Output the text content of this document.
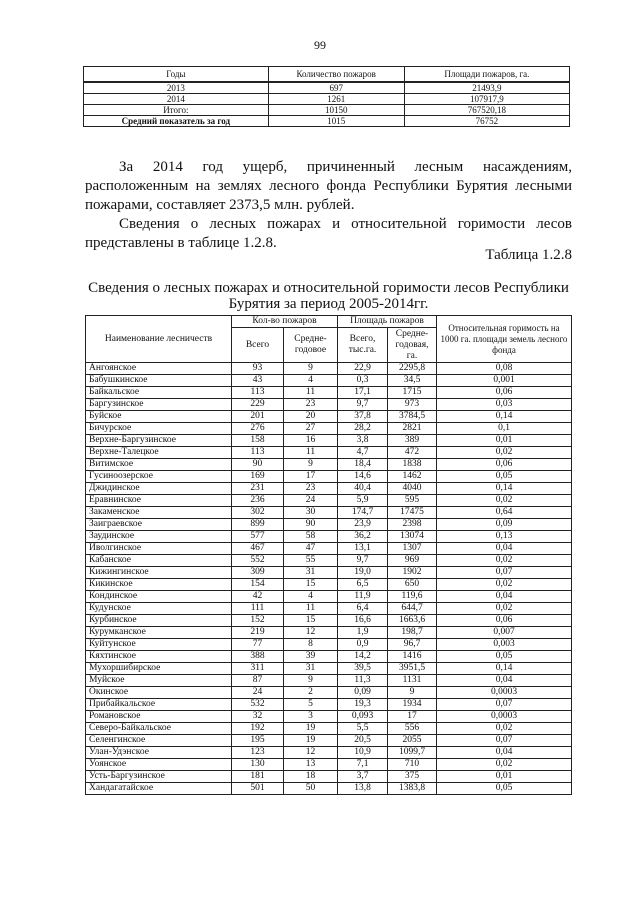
99
Годы	Количество пожаров	Площади пожаров, га.
2013	697	21493,9
2014	1261	107917,9
Итого:	10150	767520,18
Средний показатель за год	1015	76752
За 2014 год ущерб, причиненный лесным насаждениям, расположенным на землях лесного фонда Республики Бурятия лесными пожарами, составляет 2373,5 млн. рублей.
Сведения о лесных пожарах и относительной горимости лесов представлены в таблице 1.2.8.
Таблица 1.2.8
Сведения о лесных пожарах и относительной горимости лесов Республики Бурятия за период 2005-2014гг.
Наименование лесничеств	Кол-во пожаров		Площадь пожаров		Относительная горимость на 1000 га. площади земель лесного фонда
	Всего	Средне-годовое	Всего, тыс.га.	Средне-годовая, га.	
Ангоянское	93	9	22,9	2295,8	0,08
Бабушкинское	43	4	0,3	34,5	0,001
Байкальское	113	11	17,1	1715	0,06
Баргузинское	229	23	9,7	973	0,03
Буйское	201	20	37,8	3784,5	0,14
Бичурское	276	27	28,2	2821	0,1
Верхне-Баргузинское	158	16	3,8	389	0,01
Верхне-Талецкое	113	11	4,7	472	0,02
Витимское	90	9	18,4	1838	0,06
Гусиноозерское	169	17	14,6	1462	0,05
Джидинское	231	23	40,4	4040	0,14
Еравнинское	236	24	5,9	595	0,02
Закаменское	302	30	174,7	17475	0,64
Заиграевское	899	90	23,9	2398	0,09
Заудинское	577	58	36,2	13074	0,13
Иволгинское	467	47	13,1	1307	0,04
Кабанское	552	55	9,7	969	0,02
Кижингинское	309	31	19,0	1902	0,07
Кикинское	154	15	6,5	650	0,02
Кондинское	42	4	11,9	119,6	0,04
Кудунское	111	11	6,4	644,7	0,02
Курбинское	152	15	16,6	1663,6	0,06
Курумканское	219	12	1,9	198,7	0,007
Куйтунское	77	8	0,9	96,7	0,003
Кяхтинское	388	39	14,2	1416	0,05
Мухоршибирское	311	31	39,5	3951,5	0,14
Муйское	87	9	11,3	1131	0,04
Окинское	24	2	0,09	9	0,0003
Прибайкальское	532	5	19,3	1934	0,07
Романовское	32	3	0,093	17	0,0003
Северо-Байкальское	192	19	5,5	556	0,02
Селенгинское	195	19	20,5	2055	0,07
Улан-Удэнское	123	12	10,9	1099,7	0,04
Уоянское	130	13	7,1	710	0,02
Усть-Баргузинское	181	18	3,7	375	0,01
Хандагатайское	501	50	13,8	1383,8	0,05
